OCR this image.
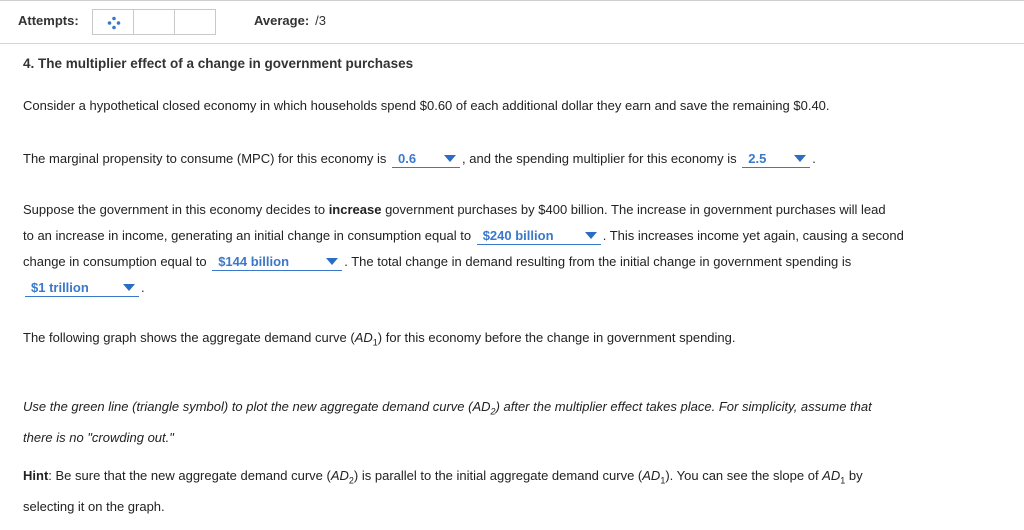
Attempts:	Average: /3
4. The multiplier effect of a change in government purchases
Consider a hypothetical closed economy in which households spend $0.60 of each additional dollar they earn and save the remaining $0.40.
The marginal propensity to consume (MPC) for this economy is 0.6	, and the spending multiplier for this economy is 2.5	.
Suppose the government in this economy decides to increase government purchases by $400 billion. The increase in government purchases will lead
to an increase in income, generating an initial change in consumption equal to $240 billion	. This increases income yet again, causing a second
change in consumption equal to $144 billion	. The total change in demand resulting from the initial change in government spending is
$1 trillion	.
The following graph shows the aggregate demand curve $(AD_1)$ for this economy before the change in government spending.
Use the green line (triangle symbol) to plot the new aggregate demand curve $(AD_2)$ after the multiplier effect takes place. For simplicity, assume that
there is no "crowding out."
Hint: Be sure that the new aggregate demand curve $(AD_2)$ is parallel to the initial aggregate demand curve $(AD_1)$. You can see the slope of $AD_1$ by
selecting it on the graph.
